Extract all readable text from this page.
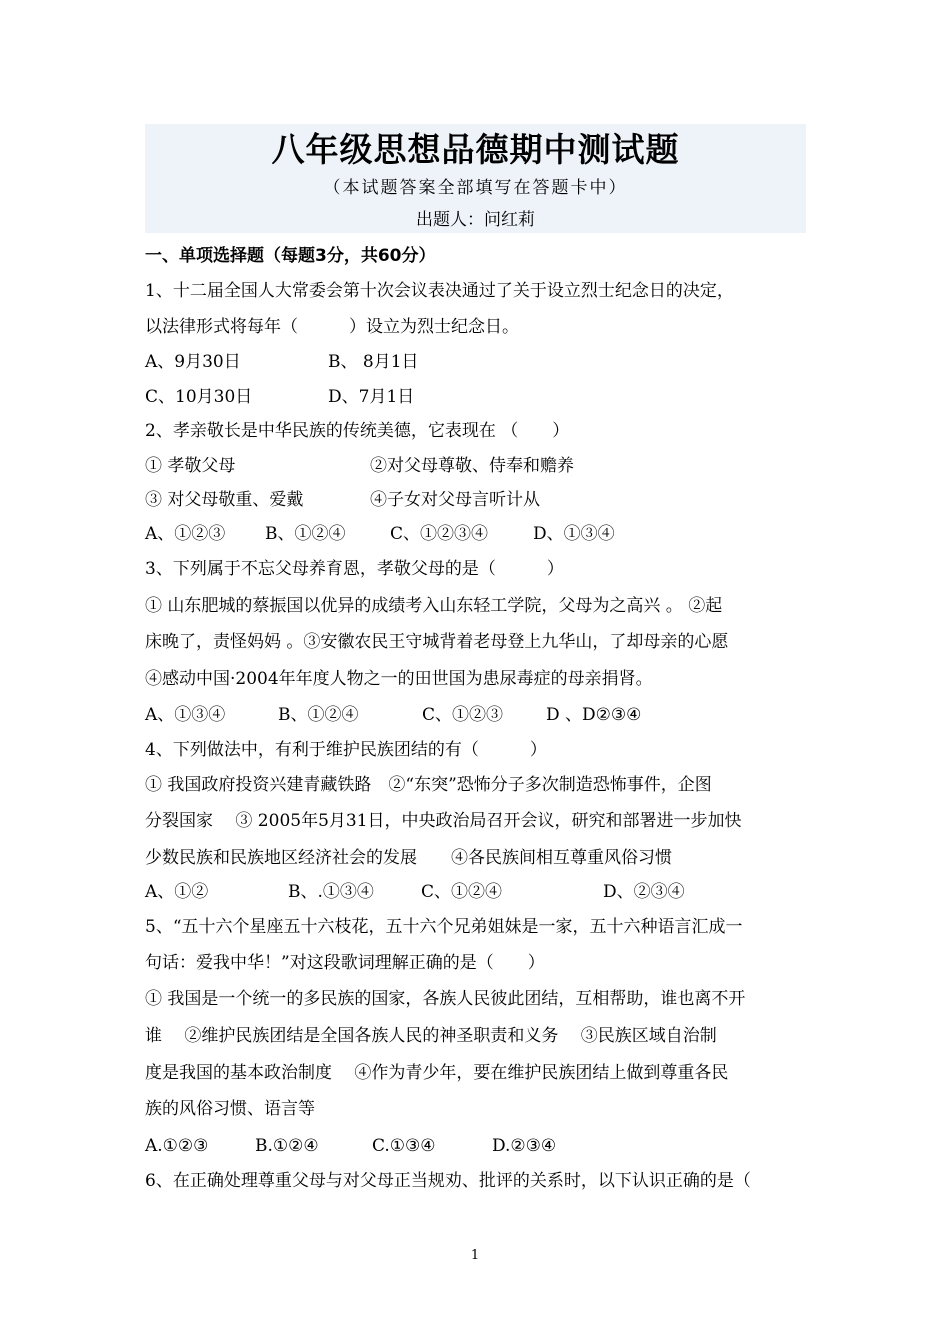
八年级思想品德期中测试题
（本试题答案全部填写在答题卡中）
出题人：问红莉
一、单项选择题（每题3分，共60分）
1、十二届全国人大常委会第十次会议表决通过了关于设立烈士纪念日的决定，
以法律形式将每年（　　　）设立为烈士纪念日。
A、9月30日	B、 8月1日
C、10月30日	D、7月1日
2、孝亲敬长是中华民族的传统美德，它表现在 （　　）
① 孝敬父母	②对父母尊敬、侍奉和赡养
③ 对父母敬重、爱戴	④子女对父母言听计从
A、①②③ B、①②④	C、①②③④	D、①③④
3、下列属于不忘父母养育恩，孝敬父母的是（　　　）
① 山东肥城的蔡振国以优异的成绩考入山东轻工学院，父母为之高兴 。 ②起
床晚了，责怪妈妈 。③安徽农民王守城背着老母登上九华山，了却母亲的心愿
④感动中国·2004年年度人物之一的田世国为患尿毒症的母亲捐肾。
A、①③④	B、①②④	C、①②③	D 、D②③④
4、下列做法中，有利于维护民族团结的有（　　　）
① 我国政府投资兴建青藏铁路　②“东突”恐怖分子多次制造恐怖事件，企图
分裂国家　 ③ 2005年5月31日，中央政治局召开会议，研究和部署进一步加快
少数民族和民族地区经济社会的发展　　④各民族间相互尊重风俗习惯
A、①②	B、.①③④	C、①②④	D、②③④
5、“五十六个星座五十六枝花，五十六个兄弟姐妹是一家，五十六种语言汇成一
句话：爱我中华！”对这段歌词理解正确的是（　　）
① 我国是一个统一的多民族的国家，各族人民彼此团结，互相帮助，谁也离不开
谁　 ②维护民族团结是全国各族人民的神圣职责和义务　 ③民族区域自治制
度是我国的基本政治制度　 ④作为青少年，要在维护民族团结上做到尊重各民
族的风俗习惯、语言等
A.①②③	B.①②④	C.①③④	D.②③④
6、在正确处理尊重父母与对父母正当规劝、批评的关系时，以下认识正确的是（
1
